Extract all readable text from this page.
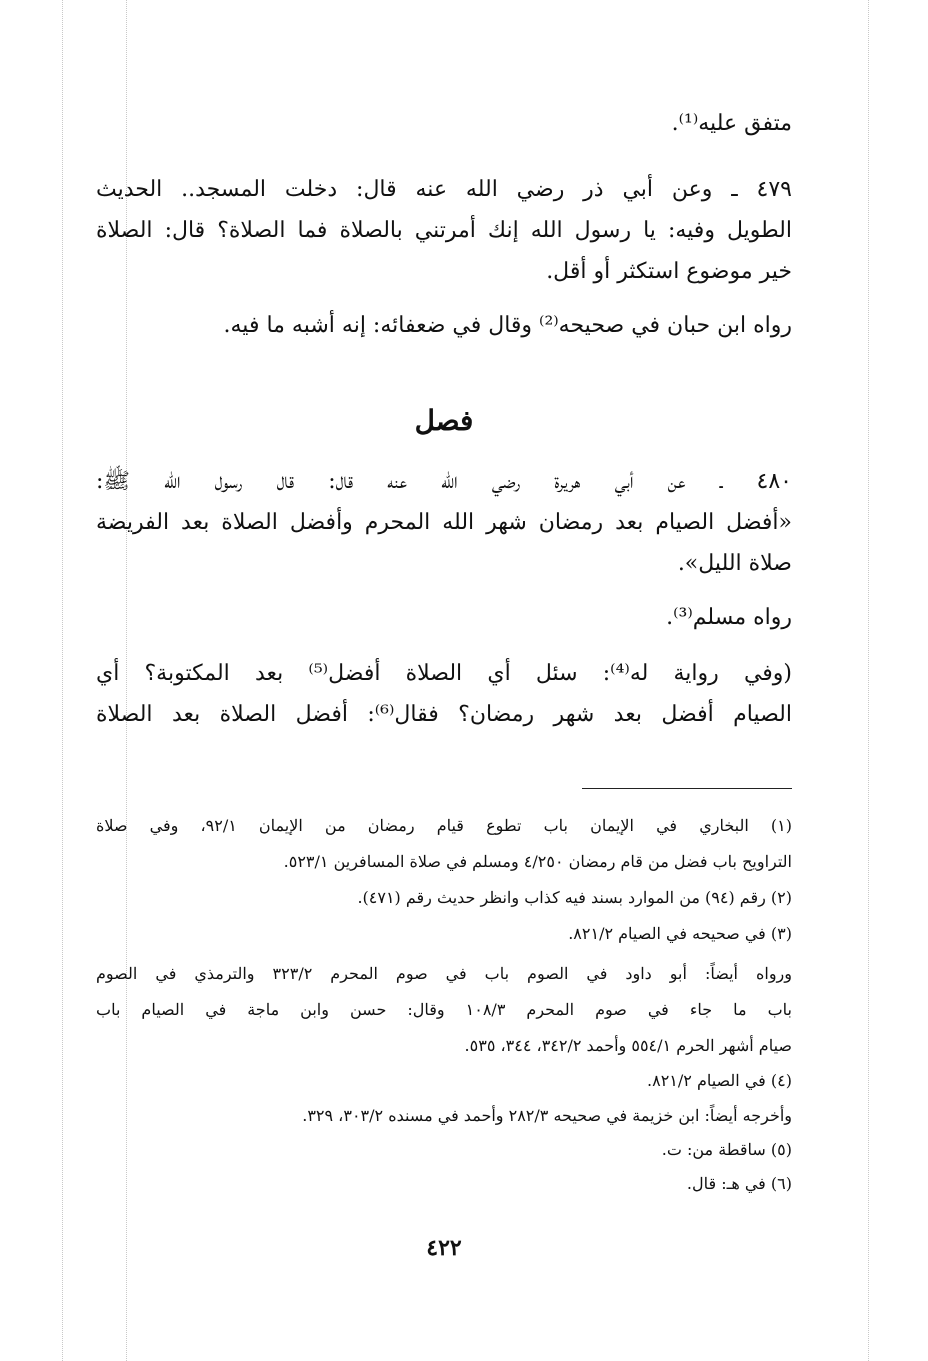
متفق عليه⁽¹⁾.
٤٧٩ ـ وعن أبي ذر رضي الله عنه قال: دخلت المسجد.. الحديث
الطويل وفيه: يا رسول الله إنك أمرتني بالصلاة فما الصلاة؟ قال: الصلاة
خير موضوع استكثر أو أقل.
رواه ابن حبان في صحيحه⁽²⁾ وقال في ضعفائه: إنه أشبه ما فيه.
فصل
٤٨٠ ـ عن أبي هريرة رضي الله عنه قال: قال رسول الله ﷺ:
«أفضل الصيام بعد رمضان شهر الله المحرم وأفضل الصلاة بعد الفريضة
صلاة الليل».
رواه مسلم⁽³⁾.
(وفي رواية له⁽⁴⁾: سئل أي الصلاة أفضل⁽⁵⁾ بعد المكتوبة؟ أي
الصيام أفضل بعد شهر رمضان؟ فقال⁽⁶⁾: أفضل الصلاة بعد الصلاة
(١) البخاري في الإيمان باب تطوع قيام رمضان من الإيمان ٩٢/١، وفي صلاة
التراويح باب فضل من قام رمضان ٤/٢٥٠ ومسلم في صلاة المسافرين ٥٢٣/١.
(٢) رقم (٩٤) من الموارد بسند فيه كذاب وانظر حديث رقم (٤٧١).
(٣) في صحيحه في الصيام ٨٢١/٢.
ورواه أيضاً: أبو داود في الصوم باب في صوم المحرم ٣٢٣/٢ والترمذي في الصوم
باب ما جاء في صوم المحرم ١٠٨/٣ وقال: حسن وابن ماجة في الصيام باب
صيام أشهر الحرم ٥٥٤/١ وأحمد ٣٤٢/٢، ٣٤٤، ٥٣٥.
(٤) في الصيام ٨٢١/٢.
وأخرجه أيضاً: ابن خزيمة في صحيحه ٢٨٢/٣ وأحمد في مسنده ٣٠٣/٢، ٣٢٩.
(٥) ساقطة من: ت.
(٦) في هـ: قال.
٤٢٢
